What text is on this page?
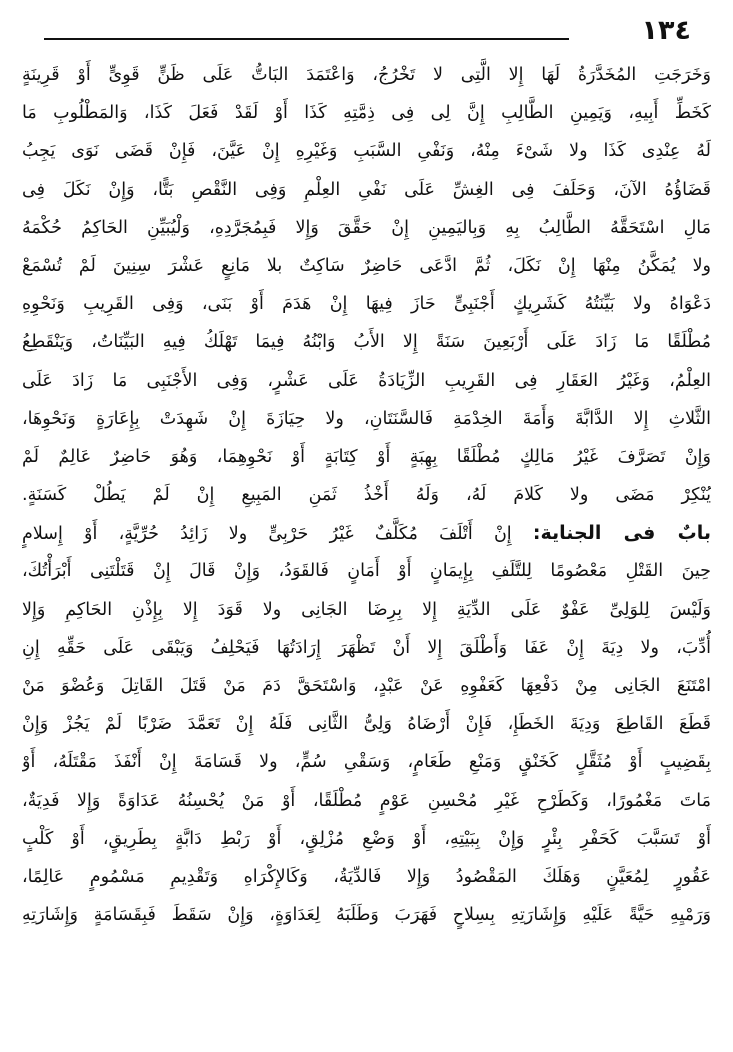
١٣٤
وَخَرَجَتِ المُخَدَّرَةُ لَهَا إِلا الَّتِى لا تَخْرُجُ، وَاعْتَمَدَ البَاتُّ عَلَى ظَنٍّ قَوِىٍّ أَوْ قَرِينَةٍ
كَخَطِّ أَبِيهِ، وَيَمِينِ الطَّالِبِ إِنَّ لِى فِى ذِمَّتِهِ كَذَا أَوْ لَقَدْ فَعَلَ كَذَا، وَالمَطْلُوبِ مَا
لَهُ عِنْدِى كَذَا ولا شَىْءَ مِنْهُ، وَنَفْىِ السَّبَبِ وَغَيْرِهِ إِنْ عَيَّنَ، فَإِنْ قَضَى نَوَى يَجِبُ
قَضَاؤُهُ الآنَ، وَحَلَفَ فِى الغِشِّ عَلَى نَفْىِ العِلْمِ وَفِى النَّقْصِ بَتًّا، وَإِنْ نَكَلَ فِى
مَالِ اسْتَحَقَّهُ الطَّالِبُ بِهِ وَبِاليَمِينِ إِنْ حَقَّقَ وَإِلا فَبِمُجَرَّدِهِ، وَلْيُبَيِّنِ الحَاكِمُ حُكْمَهُ
ولا يُمَكَّنُ مِنْهَا إِنْ نَكَلَ، ثُمَّ ادَّعَى حَاضِرٌ سَاكِتٌ بلا مَانِعٍ عَشْرَ سِنِينَ لَمْ تُسْمَعْ
دَعْوَاهُ ولا بَيِّنَتُهُ كَشَرِيكٍ أَجْنَبِىٍّ حَازَ فِيهَا إِنْ هَدَمَ أَوْ بَنَى، وَفِى القَرِيبِ وَنَحْوِهِ
مُطْلَقًا مَا زَادَ عَلَى أَرْبَعِينَ سَنَةً إِلا الأَبُ وَابْنُهُ فِيمَا تَهْلَكُ فِيهِ البَيِّنَاتُ، وَيَنْقَطِعُ
العِلْمُ، وَغَيْرُ العَقَارِ فِى القَرِيبِ الزِّيَادَةُ عَلَى عَشْرٍ، وَفِى الأَجْنَبِى مَا زَادَ عَلَى
الثَّلاثِ إِلا الدَّابَّةَ وَأَمَةَ الخِدْمَةِ فَالسَّنَتَانِ، ولا حِيَازَةَ إِنْ شَهِدَتْ بِإِعَارَةٍ وَنَحْوِهَا،
وَإِنْ تَصَرَّفَ غَيْرُ مَالِكٍ مُطْلَقًا بِهِبَةٍ أَوْ كِتَابَةٍ أَوْ نَحْوِهِمَا، وَهُوَ حَاضِرٌ عَالِمٌ لَمْ
يُنْكِرْ مَضَى ولا كَلامَ لَهُ، وَلَهُ أَخْذُ ثَمَنِ المَبِيعِ إِنْ لَمْ يَطُلْ كَسَنَةٍ.
بابٌ فى الجناية: إِنْ أَتْلَفَ مُكَلَّفٌ غَيْرُ حَرْبِىٍّ ولا زَائِدُ حُرِّيَّةٍ، أَوْ إِسلامٍ
حِينَ القَتْلِ مَعْصُومًا لِلتَّلَفِ بِإِيمَانٍ أَوْ أَمَانٍ فَالقَوَدُ، وَإِنْ قَالَ إِنْ قَتَلْتَنِى أَبْرَأْتُكَ،
وَلَيْسَ لِلوَلِىِّ عَفْوٌ عَلَى الدِّيَةِ إِلا بِرِضَا الجَانِى ولا قَوَدَ إِلا بِإِذْنِ الحَاكِمِ وَإِلا
أُدِّبَ، ولا دِيَةَ إِنْ عَفَا وَأَطْلَقَ إِلا أَنْ تَظْهَرَ إِرَادَتُهَا فَيَحْلِفُ وَيَبْقَى عَلَى حَقِّهِ إِنِ
امْتَنَعَ الجَانِى مِنْ دَفْعِهَا كَعَفْوِهِ عَنْ عَبْدٍ، وَاسْتَحَقَّ دَمَ مَنْ قَتَلَ القَاتِلَ وَعُضْوَ مَنْ
قَطَعَ القَاطِعَ وَدِيَةَ الخَطَإِ، فَإِنْ أَرْضَاهُ وَلِىُّ الثَّانِى فَلَهُ إِنْ تَعَمَّدَ ضَرْبًا لَمْ يَجُزْ وَإِنْ
بِقَضِيبٍ أَوْ مُثَقَّلٍ كَخَنْقٍ وَمَنْعِ طَعَامٍ، وَسَقْىِ سُمٍّ، ولا قَسَامَةَ إِنْ أَنْفَذَ مَقْتَلَهُ، أَوْ
مَاتَ مَغْمُورًا، وَكَطَرْحِ غَيْرِ مُحْسِنِ عَوْمٍ مُطْلَقًا، أَوْ مَنْ يُحْسِنُهُ عَدَاوَةً وَإِلا فَدِيَةٌ،
أَوْ تَسَبَّبَ كَحَفْرِ بِئْرٍ وَإِنْ بِبَيْتِهِ، أَوْ وَضْعِ مُزْلِقٍ، أَوْ رَبْطِ دَابَّةٍ بِطَرِيقٍ، أَوْ كَلْبٍ
عَقُورٍ لِمُعَيَّنٍ وَهَلَكَ المَقْصُودُ وَإِلا فَالدِّيَةُ، وَكَالإِكْرَاهِ وَتَقْدِيمِ مَسْمُومٍ عَالِمًا،
وَرَمْيِهِ حَيَّةً عَلَيْهِ وَإِشَارَتِهِ بِسِلاحٍ فَهَرَبَ وَطَلَبَهُ لِعَدَاوَةٍ، وَإِنْ سَقَطَ فَبِقَسَامَةٍ وَإِشَارَتِهِ
